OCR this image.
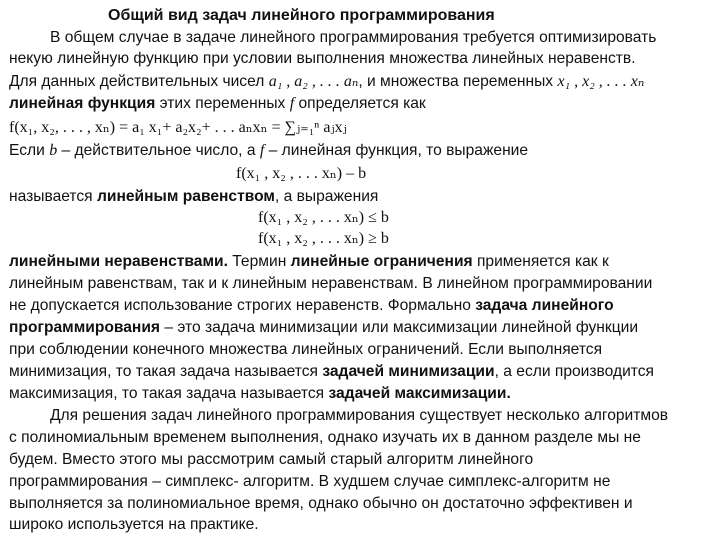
Общий вид задач линейного программирования
В общем случае в задаче линейного программирования требуется оптимизировать
некую линейную функцию при условии выполнения множества линейных неравенств.
Для данных действительных чисел a₁ , a₂ , . . . aₙ, и множества переменных x₁ , x₂ , . . . xₙ
линейная функция этих переменных f определяется как
f(x₁, x₂, . . . , xₙ) = a₁ x₁+ a₂x₂+ . . . aₙxₙ = ∑ⱼ₌₁ⁿ aⱼxⱼ
Если b – действительное число, а f – линейная функция, то выражение
f(x₁ , x₂ , . . . xₙ) – b
называется линейным равенством, а выражения
f(x₁ , x₂ , . . . xₙ) ≤ b
f(x₁ , x₂ , . . . xₙ) ≥ b
линейными неравенствами. Термин линейные ограничения применяется как к
линейным равенствам, так и к линейным неравенствам. В линейном программировании
не допускается использование строгих неравенств. Формально задача линейного
программирования – это задача минимизации или максимизации линейной функции
при соблюдении конечного множества линейных ограничений. Если выполняется
минимизация, то такая задача называется задачей минимизации, а если производится
максимизация, то такая задача называется задачей максимизации.
Для решения задач линейного программирования существует несколько алгоритмов
с полиномиальным временем выполнения, однако изучать их в данном разделе мы не
будем. Вместо этого мы рассмотрим самый старый алгоритм линейного
программирования – симплекс- алгоритм. В худшем случае симплекс-алгоритм не
выполняется за полиномиальное время, однако обычно он достаточно эффективен и
широко используется на практике.
